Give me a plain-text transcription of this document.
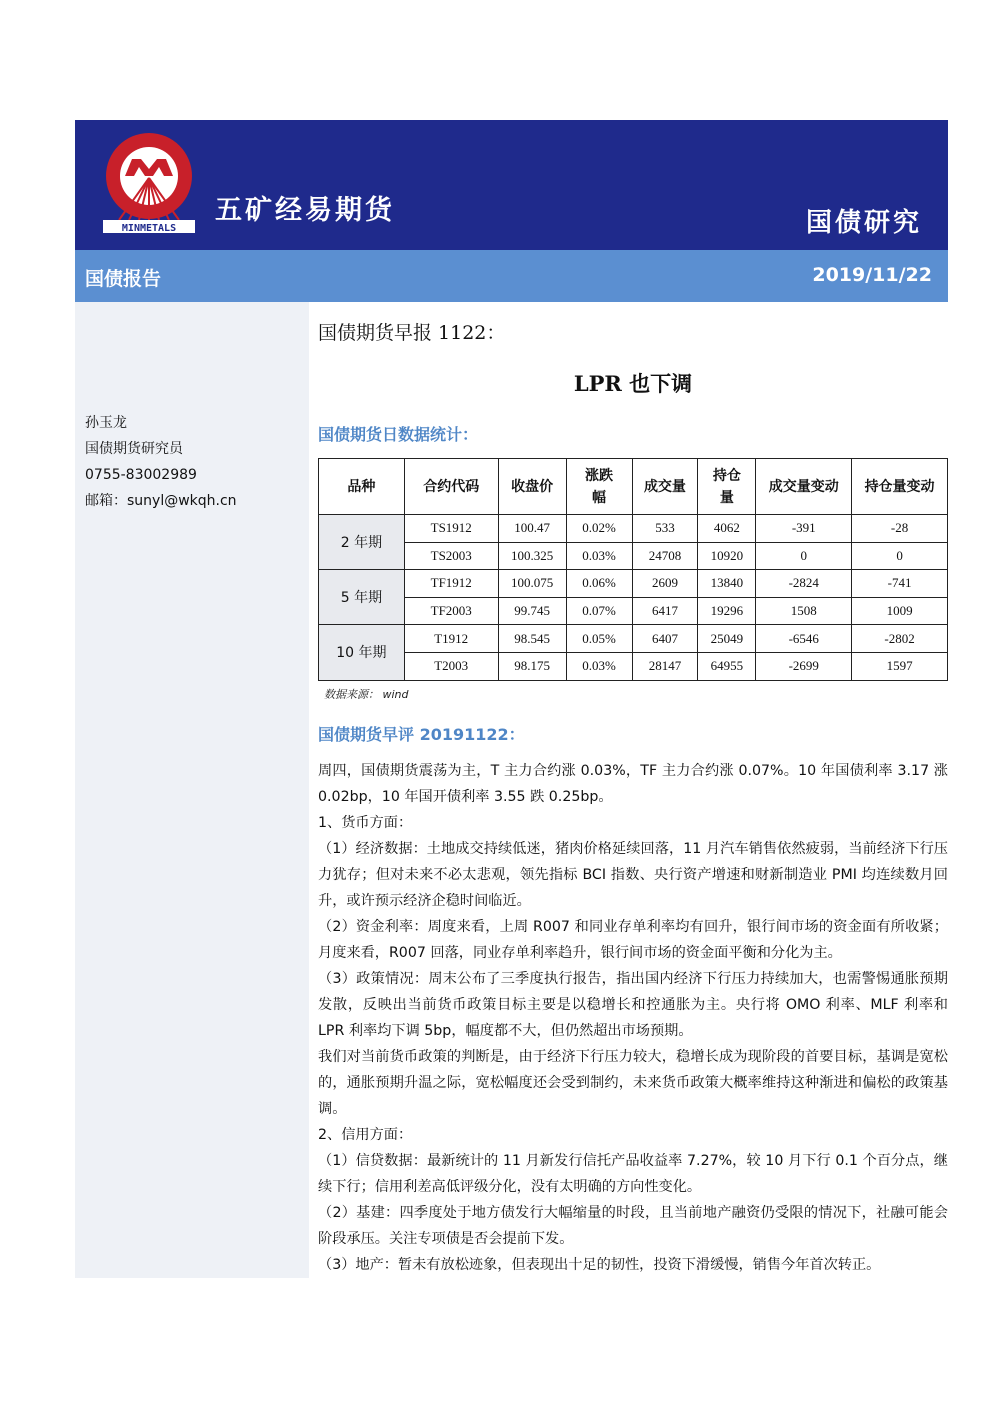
MINMETALS
五矿经易期货	国债研究
国债报告	2019/11/22
孙玉龙
国债期货研究员
0755-83002989
邮箱：sunyl@wkqh.cn
国债期货早报 1122：
LPR 也下调
国债期货日数据统计：
品种	合约代码	收盘价	涨跌幅	成交量	持仓量	成交量变动	持仓量变动
2 年期	TS1912	100.47	0.02%	533	4062	-391	-28
	TS2003	100.325	0.03%	24708	10920	0	0
5 年期	TF1912	100.075	0.06%	2609	13840	-2824	-741
	TF2003	99.745	0.07%	6417	19296	1508	1009
10 年期	T1912	98.545	0.05%	6407	25049	-6546	-2802
	T2003	98.175	0.03%	28147	64955	-2699	1597
数据来源： wind
国债期货早评 20191122：

周四，国债期货震荡为主，T 主力合约涨 0.03%，TF 主力合约涨 0.07%。10 年国债利率 3.17 涨 0.02bp，10 年国开债利率 3.55 跌 0.25bp。

1、货币方面：

（1）经济数据：土地成交持续低迷，猪肉价格延续回落，11 月汽车销售依然疲弱，当前经济下行压力犹存；但对未来不必太悲观，领先指标 BCI 指数、央行资产增速和财新制造业 PMI 均连续数月回升，或许预示经济企稳时间临近。

（2）资金利率：周度来看，上周 R007 和同业存单利率均有回升，银行间市场的资金面有所收紧；月度来看，R007 回落，同业存单利率趋升，银行间市场的资金面平衡和分化为主。

（3）政策情况：周末公布了三季度执行报告，指出国内经济下行压力持续加大，也需警惕通胀预期发散，反映出当前货币政策目标主要是以稳增长和控通胀为主。央行将 OMO 利率、MLF 利率和 LPR 利率均下调 5bp，幅度都不大，但仍然超出市场预期。

我们对当前货币政策的判断是，由于经济下行压力较大，稳增长成为现阶段的首要目标，基调是宽松的，通胀预期升温之际，宽松幅度还会受到制约，未来货币政策大概率维持这种渐进和偏松的政策基调。

2、信用方面：

（1）信贷数据：最新统计的 11 月新发行信托产品收益率 7.27%，较 10 月下行 0.1 个百分点，继续下行；信用利差高低评级分化，没有太明确的方向性变化。

（2）基建：四季度处于地方债发行大幅缩量的时段，且当前地产融资仍受限的情况下，社融可能会阶段承压。关注专项债是否会提前下发。

（3）地产：暂未有放松迹象，但表现出十足的韧性，投资下滑缓慢，销售今年首次转正。
